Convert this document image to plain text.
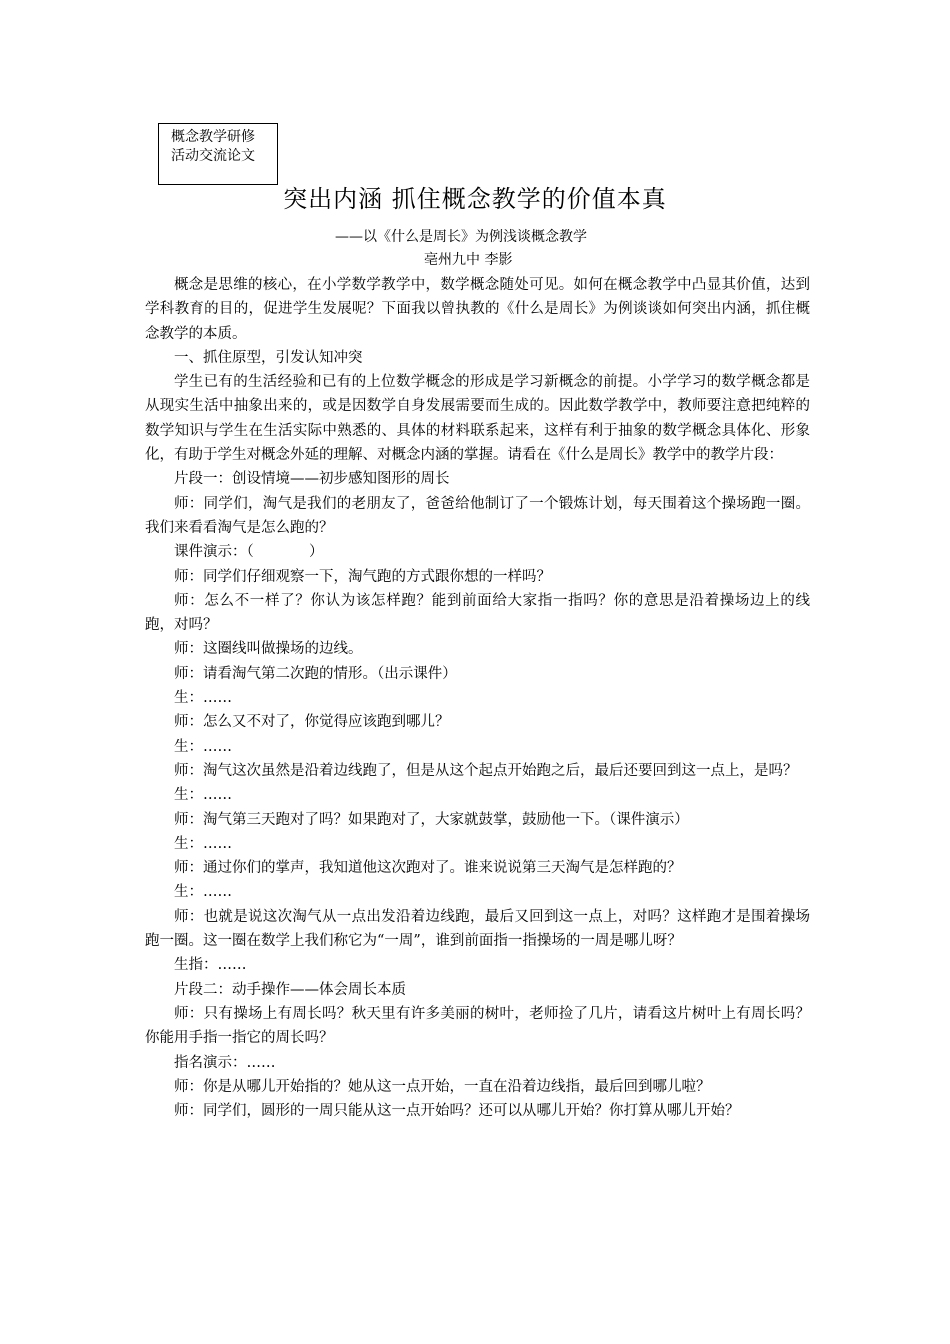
概念教学研修
活动交流论文
突出内涵 抓住概念教学的价值本真
——以《什么是周长》为例浅谈概念教学
亳州九中 李影

概念是思维的核心，在小学数学教学中，数学概念随处可见。如何在概念教学中凸显其价值，达到学科教育的目的，促进学生发展呢？下面我以曾执教的《什么是周长》为例谈谈如何突出内涵，抓住概念教学的本质。

一、抓住原型，引发认知冲突

学生已有的生活经验和已有的上位数学概念的形成是学习新概念的前提。小学学习的数学概念都是从现实生活中抽象出来的，或是因数学自身发展需要而生成的。因此数学教学中，教师要注意把纯粹的数学知识与学生在生活实际中熟悉的、具体的材料联系起来，这样有利于抽象的数学概念具体化、形象化，有助于学生对概念外延的理解、对概念内涵的掌握。请看在《什么是周长》教学中的教学片段：

片段一：创设情境——初步感知图形的周长

师：同学们，淘气是我们的老朋友了，爸爸给他制订了一个锻炼计划，每天围着这个操场跑一圈。我们来看看淘气是怎么跑的？

课件演示：（            ）

师：同学们仔细观察一下，淘气跑的方式跟你想的一样吗？

师：怎么不一样了？你认为该怎样跑？能到前面给大家指一指吗？你的意思是沿着操场边上的线跑，对吗？

师：这圈线叫做操场的边线。

师：请看淘气第二次跑的情形。（出示课件）

生：……

师：怎么又不对了，你觉得应该跑到哪儿？

生：……

师：淘气这次虽然是沿着边线跑了，但是从这个起点开始跑之后，最后还要回到这一点上，是吗？

生：……

师：淘气第三天跑对了吗？如果跑对了，大家就鼓掌，鼓励他一下。（课件演示）

生：……

师：通过你们的掌声，我知道他这次跑对了。谁来说说第三天淘气是怎样跑的？

生：……

师：也就是说这次淘气从一点出发沿着边线跑，最后又回到这一点上，对吗？这样跑才是围着操场跑一圈。这一圈在数学上我们称它为“一周”，谁到前面指一指操场的一周是哪儿呀？

生指：……

片段二：动手操作——体会周长本质

师：只有操场上有周长吗？秋天里有许多美丽的树叶，老师捡了几片，请看这片树叶上有周长吗？你能用手指一指它的周长吗？

指名演示：……

师：你是从哪儿开始指的？她从这一点开始，一直在沿着边线指，最后回到哪儿啦？

师：同学们，圆形的一周只能从这一点开始吗？还可以从哪儿开始？你打算从哪儿开始？
